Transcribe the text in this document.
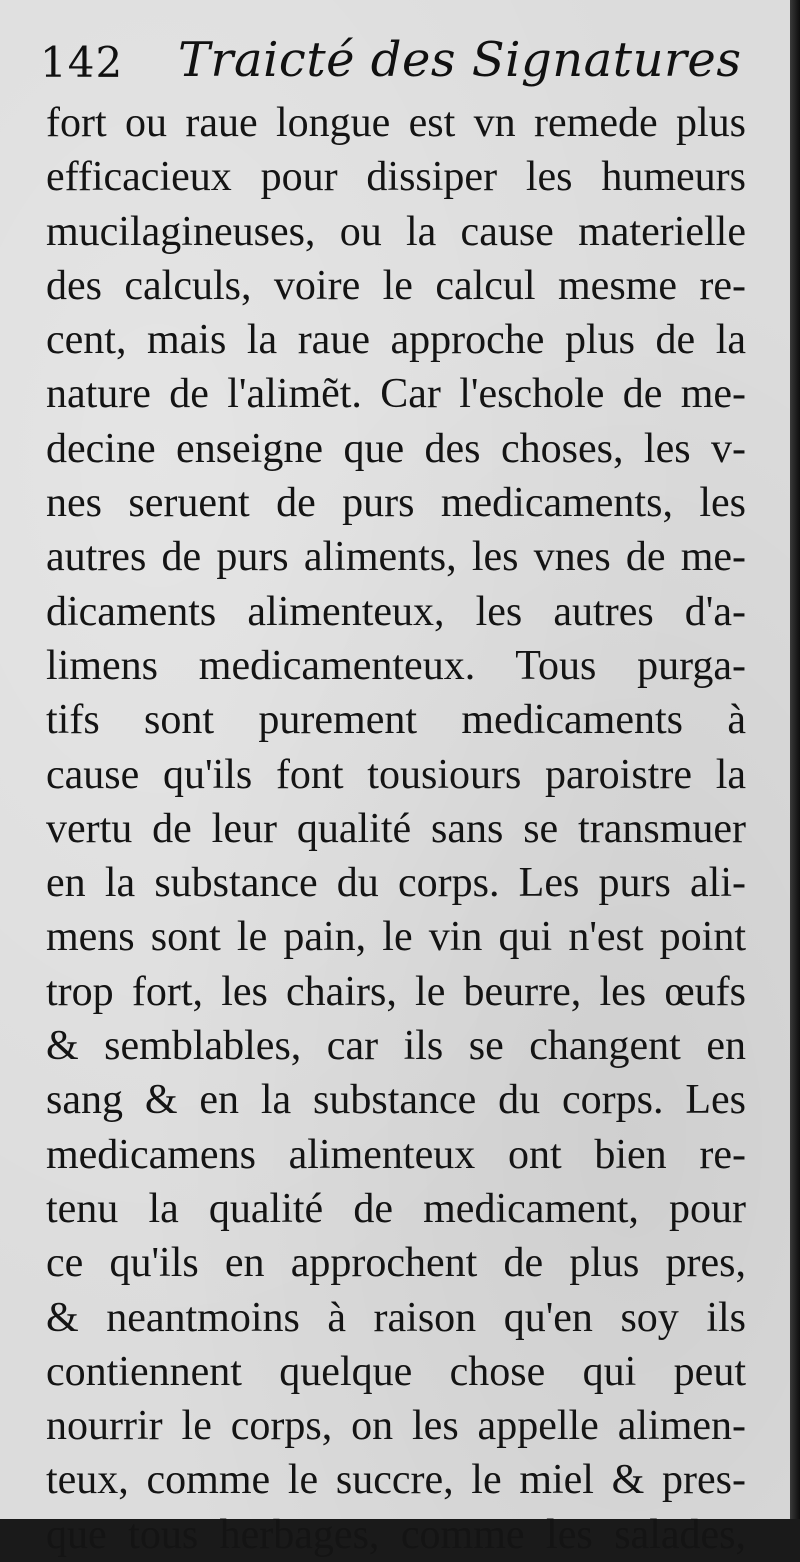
142 Traicté des Signatures
fort ou raue longue est vn remede plus
efficacieux pour dissiper les humeurs
mucilagineuses, ou la cause materielle
des calculs, voire le calcul mesme re-
cent, mais la raue approche plus de la
nature de l'alimẽt. Car l'eschole de me-
decine enseigne que des choses, les v-
nes seruent de purs medicaments, les
autres de purs aliments, les vnes de me-
dicaments alimenteux, les autres d'a-
limens medicamenteux. Tous purga-
tifs sont purement medicaments à
cause qu'ils font tousiours paroistre la
vertu de leur qualité sans se transmuer
en la substance du corps. Les purs ali-
mens sont le pain, le vin qui n'est point
trop fort, les chairs, le beurre, les œufs
& semblables, car ils se changent en
sang & en la substance du corps. Les
medicamens alimenteux ont bien re-
tenu la qualité de medicament, pour
ce qu'ils en approchent de plus pres,
& neantmoins à raison qu'en soy ils
contiennent quelque chose qui peut
nourrir le corps, on les appelle alimen-
teux, comme le succre, le miel & pres-
que tous herbages, comme les salades,
